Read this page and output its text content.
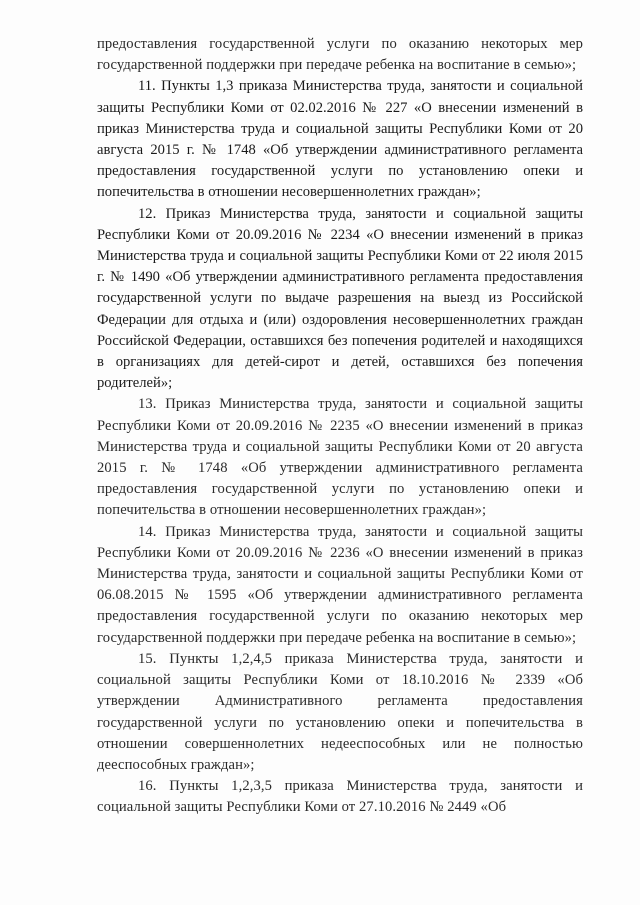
предоставления государственной услуги по оказанию некоторых мер государственной поддержки при передаче ребенка на воспитание в семью»;

11. Пункты 1,3 приказа Министерства труда, занятости и социальной защиты Республики Коми от 02.02.2016 № 227 «О внесении изменений в приказ Министерства труда и социальной защиты Республики Коми от 20 августа 2015 г. № 1748 «Об утверждении административного регламента предоставления государственной услуги по установлению опеки и попечительства в отношении несовершеннолетних граждан»;

12. Приказ Министерства труда, занятости и социальной защиты Республики Коми от 20.09.2016 № 2234 «О внесении изменений в приказ Министерства труда и социальной защиты Республики Коми от 22 июля 2015 г. № 1490 «Об утверждении административного регламента предоставления государственной услуги по выдаче разрешения на выезд из Российской Федерации для отдыха и (или) оздоровления несовершеннолетних граждан Российской Федерации, оставшихся без попечения родителей и находящихся в организациях для детей-сирот и детей, оставшихся без попечения родителей»;

13. Приказ Министерства труда, занятости и социальной защиты Республики Коми от 20.09.2016 № 2235 «О внесении изменений в приказ Министерства труда и социальной защиты Республики Коми от 20 августа 2015 г. № 1748 «Об утверждении административного регламента предоставления государственной услуги по установлению опеки и попечительства в отношении несовершеннолетних граждан»;

14. Приказ Министерства труда, занятости и социальной защиты Республики Коми от 20.09.2016 № 2236 «О внесении изменений в приказ Министерства труда, занятости и социальной защиты Республики Коми от 06.08.2015 № 1595 «Об утверждении административного регламента предоставления государственной услуги по оказанию некоторых мер государственной поддержки при передаче ребенка на воспитание в семью»;

15. Пункты 1,2,4,5 приказа Министерства труда, занятости и социальной защиты Республики Коми от 18.10.2016 № 2339 «Об утверждении Административного регламента предоставления государственной услуги по установлению опеки и попечительства в отношении совершеннолетних недееспособных или не полностью дееспособных граждан»;

16. Пункты 1,2,3,5 приказа Министерства труда, занятости и социальной защиты Республики Коми от 27.10.2016 № 2449 «Об
